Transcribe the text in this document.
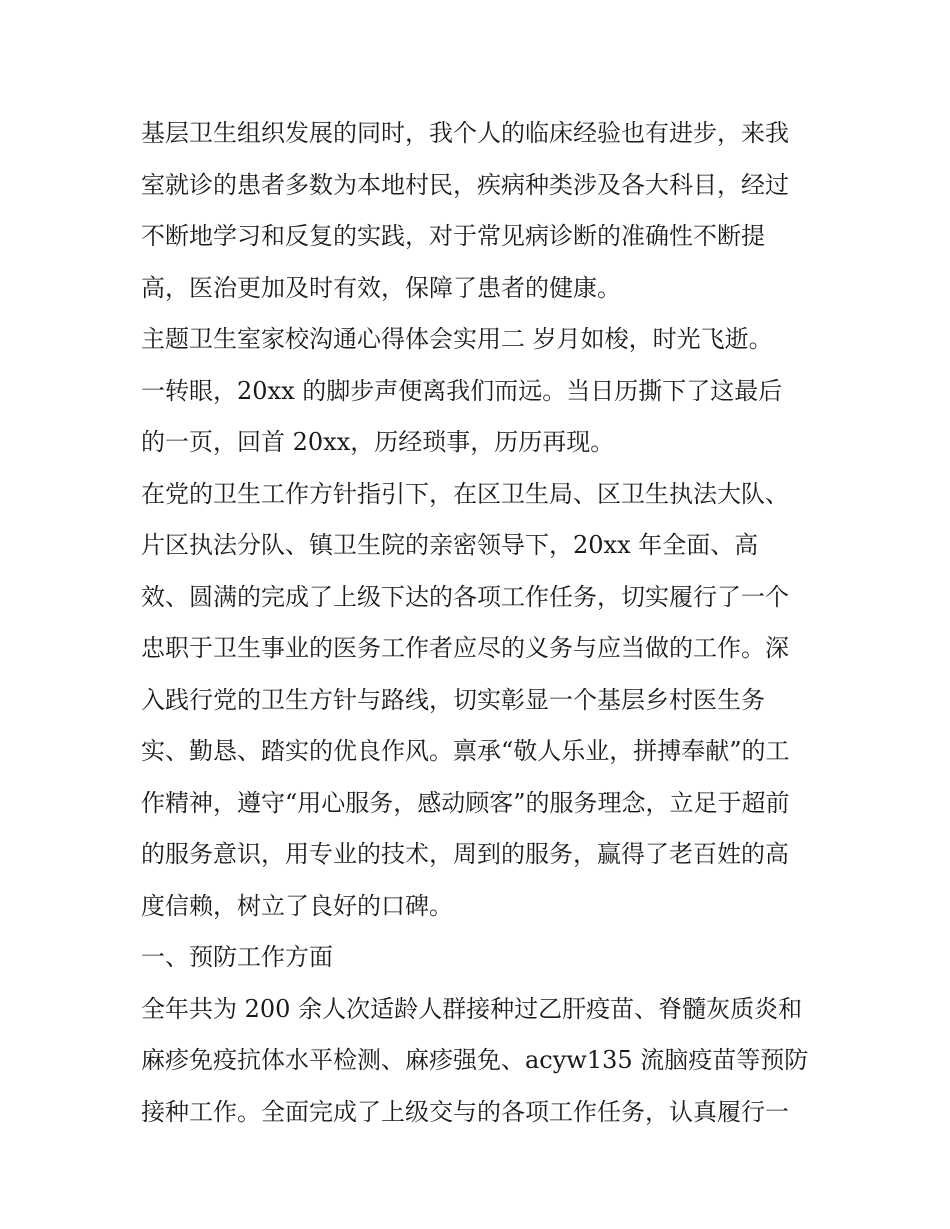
基层卫生组织发展的同时，我个人的临床经验也有进步，来我

室就诊的患者多数为本地村民，疾病种类涉及各大科目，经过

不断地学习和反复的实践，对于常见病诊断的准确性不断提

高，医治更加及时有效，保障了患者的健康。

主题卫生室家校沟通心得体会实用二 岁月如梭，时光飞逝。

一转眼，20xx 的脚步声便离我们而远。当日历撕下了这最后

的一页，回首 20xx，历经琐事，历历再现。

在党的卫生工作方针指引下，在区卫生局、区卫生执法大队、

片区执法分队、镇卫生院的亲密领导下，20xx 年全面、高

效、圆满的完成了上级下达的各项工作任务，切实履行了一个

忠职于卫生事业的医务工作者应尽的义务与应当做的工作。深

入践行党的卫生方针与路线，切实彰显一个基层乡村医生务

实、勤恳、踏实的优良作风。禀承“敬人乐业，拼搏奉献”的工

作精神，遵守“用心服务，感动顾客”的服务理念，立足于超前

的服务意识，用专业的技术，周到的服务，赢得了老百姓的高

度信赖，树立了良好的口碑。

一、预防工作方面

全年共为 200 余人次适龄人群接种过乙肝疫苗、脊髓灰质炎和

麻疹免疫抗体水平检测、麻疹强免、acyw135 流脑疫苗等预防

接种工作。全面完成了上级交与的各项工作任务，认真履行一
